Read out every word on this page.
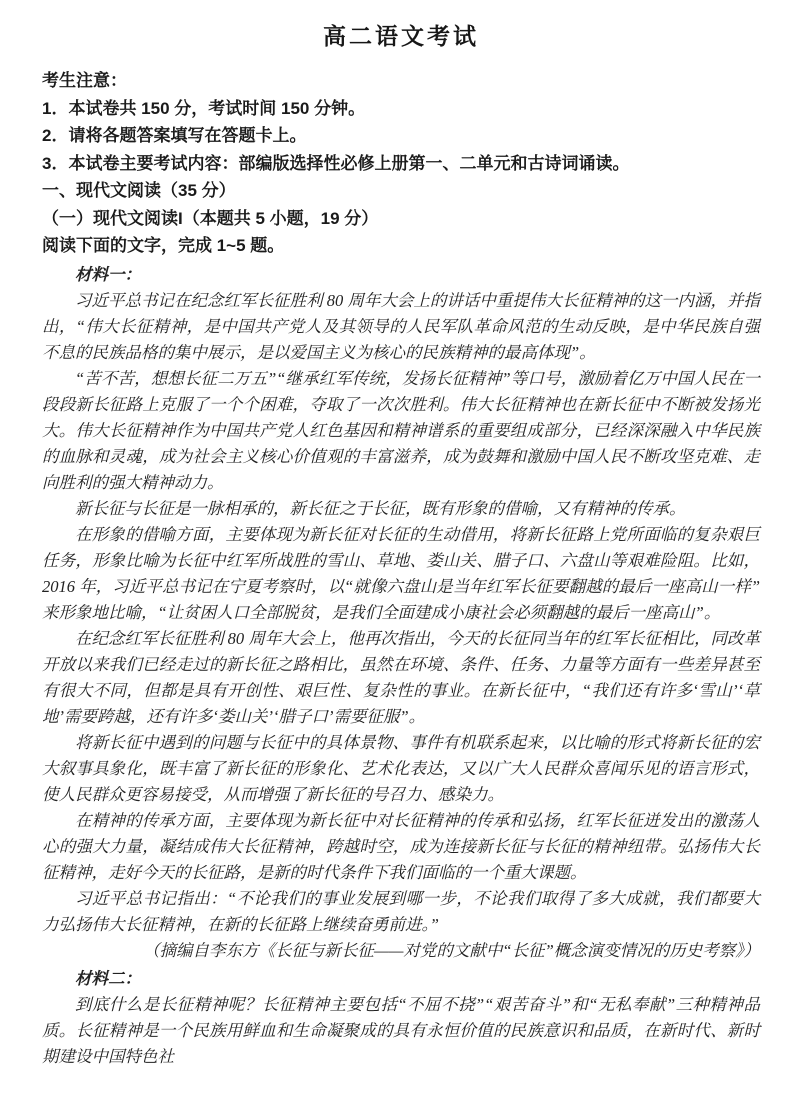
高二语文考试

考生注意：

1．本试卷共 150 分，考试时间 150 分钟。

2．请将各题答案填写在答题卡上。

3．本试卷主要考试内容：部编版选择性必修上册第一、二单元和古诗词诵读。

一、现代文阅读（35 分）

（一）现代文阅读I（本题共 5 小题，19 分）

阅读下面的文字，完成 1~5 题。

材料一：

习近平总书记在纪念红军长征胜利 80 周年大会上的讲话中重提伟大长征精神的这一内涵，并指出，“伟大长征精神，是中国共产党人及其领导的人民军队革命风范的生动反映，是中华民族自强不息的民族品格的集中展示，是以爱国主义为核心的民族精神的最高体现”。

“苦不苦，想想长征二万五”“继承红军传统，发扬长征精神”等口号，激励着亿万中国人民在一段段新长征路上克服了一个个困难，夺取了一次次胜利。伟大长征精神也在新长征中不断被发扬光大。伟大长征精神作为中国共产党人红色基因和精神谱系的重要组成部分，已经深深融入中华民族的血脉和灵魂，成为社会主义核心价值观的丰富滋养，成为鼓舞和激励中国人民不断攻坚克难、走向胜利的强大精神动力。

新长征与长征是一脉相承的，新长征之于长征，既有形象的借喻，又有精神的传承。

在形象的借喻方面，主要体现为新长征对长征的生动借用，将新长征路上党所面临的复杂艰巨任务，形象比喻为长征中红军所战胜的雪山、草地、娄山关、腊子口、六盘山等艰难险阻。比如，2016 年，习近平总书记在宁夏考察时，以“就像六盘山是当年红军长征要翻越的最后一座高山一样”来形象地比喻，“让贫困人口全部脱贫，是我们全面建成小康社会必须翻越的最后一座高山”。

在纪念红军长征胜利 80 周年大会上，他再次指出，今天的长征同当年的红军长征相比，同改革开放以来我们已经走过的新长征之路相比，虽然在环境、条件、任务、力量等方面有一些差异甚至有很大不同，但都是具有开创性、艰巨性、复杂性的事业。在新长征中，“我们还有许多‘雪山’‘草地’需要跨越，还有许多‘娄山关’‘腊子口’需要征服”。

将新长征中遇到的问题与长征中的具体景物、事件有机联系起来，以比喻的形式将新长征的宏大叙事具象化，既丰富了新长征的形象化、艺术化表达，又以广大人民群众喜闻乐见的语言形式，使人民群众更容易接受，从而增强了新长征的号召力、感染力。

在精神的传承方面，主要体现为新长征中对长征精神的传承和弘扬，红军长征迸发出的激荡人心的强大力量，凝结成伟大长征精神，跨越时空，成为连接新长征与长征的精神纽带。弘扬伟大长征精神，走好今天的长征路，是新的时代条件下我们面临的一个重大课题。

习近平总书记指出：“不论我们的事业发展到哪一步，不论我们取得了多大成就，我们都要大力弘扬伟大长征精神，在新的长征路上继续奋勇前进。”

（摘编自李东方《长征与新长征——对党的文献中“长征”概念演变情况的历史考察》）

材料二：

到底什么是长征精神呢？长征精神主要包括“不屈不挠”“艰苦奋斗”和“无私奉献”三种精神品质。长征精神是一个民族用鲜血和生命凝聚成的具有永恒价值的民族意识和品质，在新时代、新时期建设中国特色社
